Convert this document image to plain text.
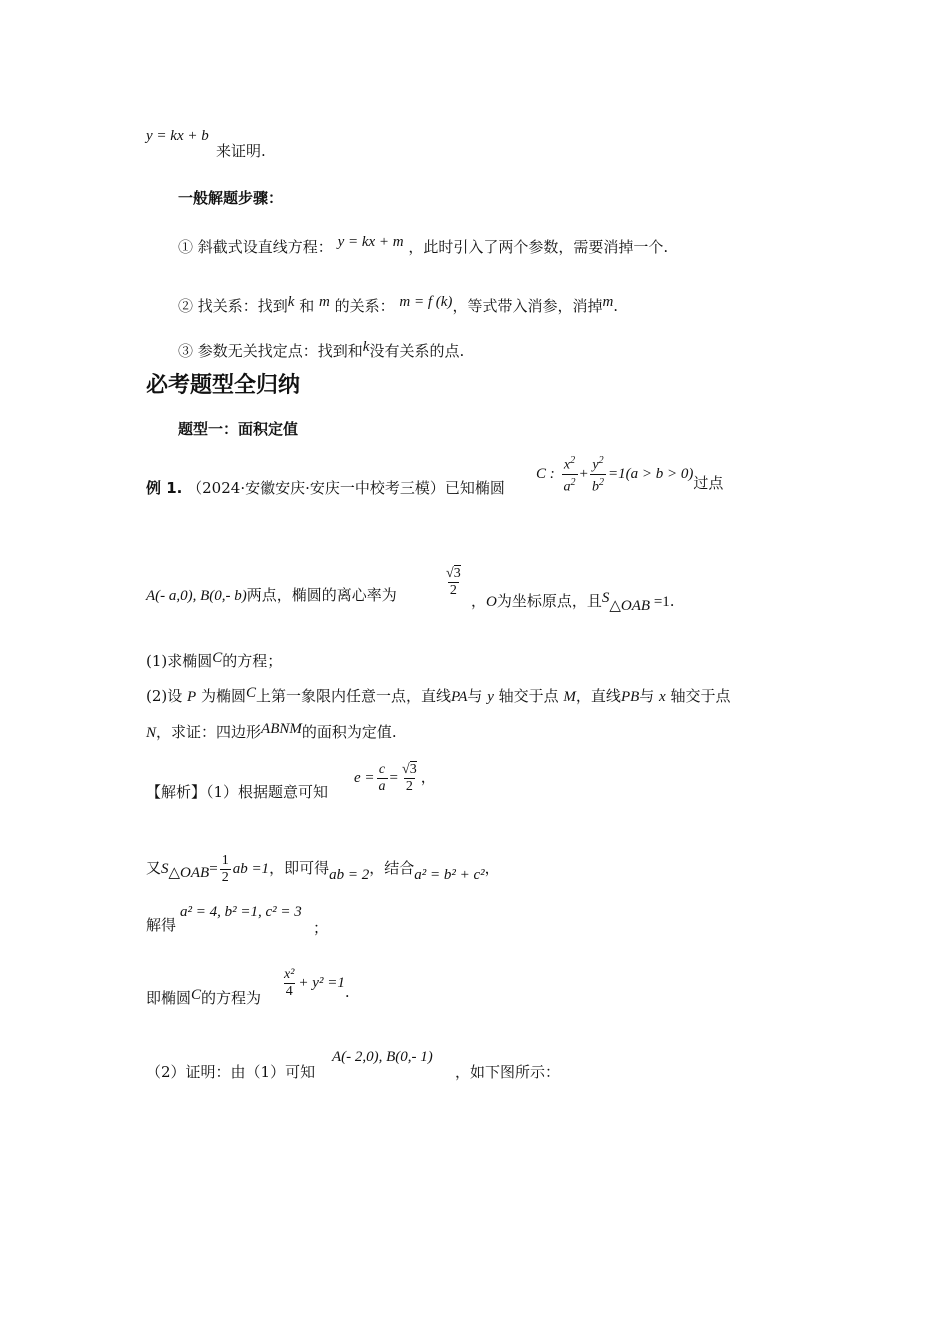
y = kx + b
来证明.
一般解题步骤：
① 斜截式设直线方程： y = kx + m ，此时引入了两个参数，需要消掉一个.
② 找关系：找到k 和 m 的关系： m = f (k)，等式带入消参，消掉m.
③ 参数无关找定点：找到和k没有关系的点.
必考题型全归纳
题型一：面积定值
例 1. （2024·安徽安庆·安庆一中校考三模）已知椭圆
C : $\frac{x^2}{a^2} + \frac{y^2}{b^2} =1(a > b > 0)$过点
A(- a,0), B(0,- b)两点，椭圆的离心率为	$\frac{√3}{2}$
，O为坐标原点，且$S_{\triangle OAB} =1$.
(1)求椭圆C的方程；
(2)设 P 为椭圆C上第一象限内任意一点，直线PA与 y 轴交于点 M，直线PB与 x 轴交于点
N，求证：四边形ABNM的面积为定值.
【解析】（1）根据题意可知
$e = \frac{c}{a} = \frac{√3}{2}$ ，
又$S_{\triangle OAB}= \frac{1}{2}$ ab =1，即可得ab = 2，结合a² = b² + c²，
解得
a² = 4, b² =1, c² = 3
；
即椭圆C的方程为 $\frac{\text{x²}}{4} + y^2 =1$.
（2）证明：由（1）可知
A(- 2,0), B(0,- 1)
，如下图所示：
